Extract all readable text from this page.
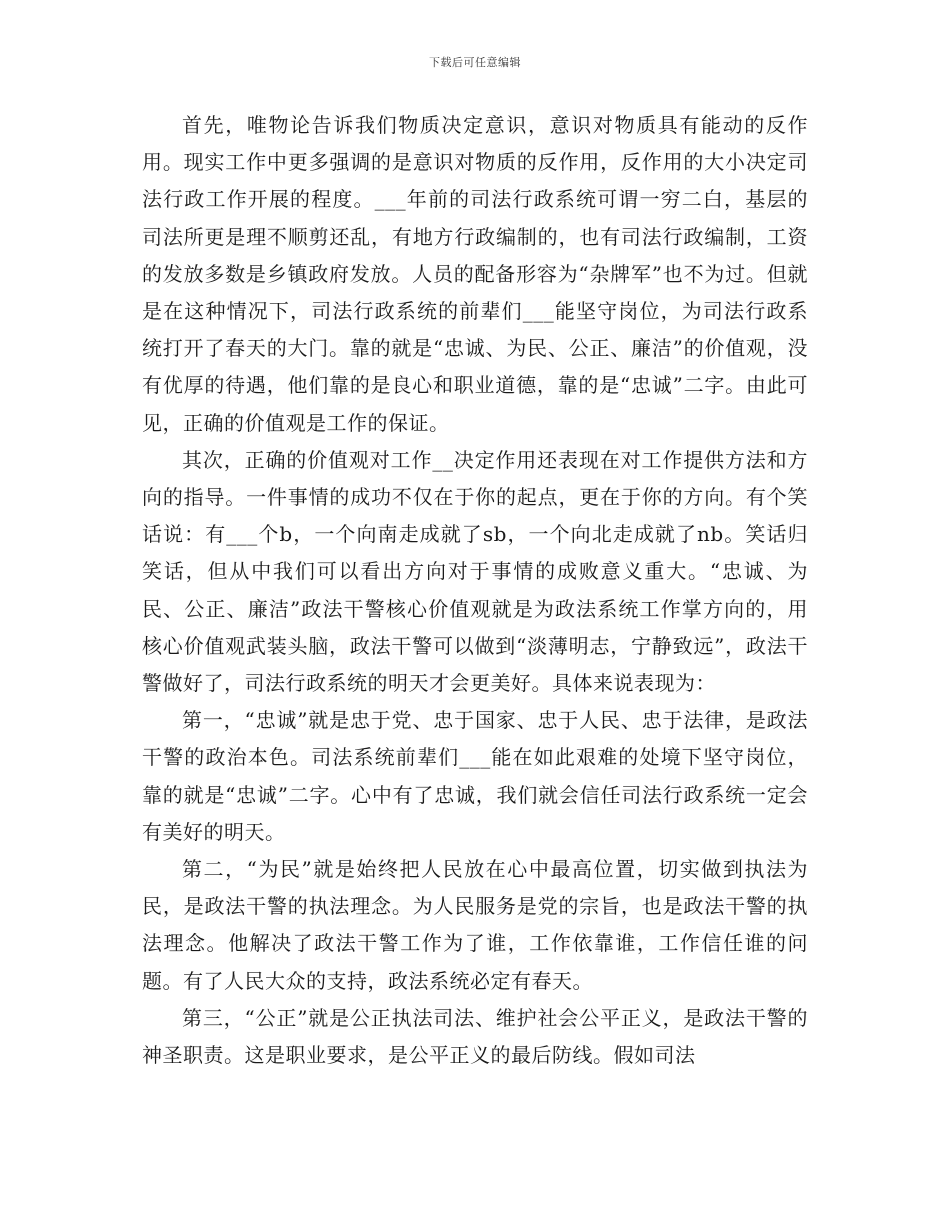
下载后可任意编辑

首先，唯物论告诉我们物质决定意识，意识对物质具有能动的反作用。现实工作中更多强调的是意识对物质的反作用，反作用的大小决定司法行政工作开展的程度。___年前的司法行政系统可谓一穷二白，基层的司法所更是理不顺剪还乱，有地方行政编制的，也有司法行政编制，工资的发放多数是乡镇政府发放。人员的配备形容为“杂牌军”也不为过。但就是在这种情况下，司法行政系统的前辈们___能坚守岗位，为司法行政系统打开了春天的大门。靠的就是“忠诚、为民、公正、廉洁”的价值观，没有优厚的待遇，他们靠的是良心和职业道德，靠的是“忠诚”二字。由此可见，正确的价值观是工作的保证。

其次，正确的价值观对工作__决定作用还表现在对工作提供方法和方向的指导。一件事情的成功不仅在于你的起点，更在于你的方向。有个笑话说：有___个b，一个向南走成就了sb，一个向北走成就了nb。笑话归笑话，但从中我们可以看出方向对于事情的成败意义重大。“忠诚、为民、公正、廉洁”政法干警核心价值观就是为政法系统工作掌方向的，用核心价值观武装头脑，政法干警可以做到“淡薄明志，宁静致远”，政法干警做好了，司法行政系统的明天才会更美好。具体来说表现为：

第一，“忠诚”就是忠于党、忠于国家、忠于人民、忠于法律，是政法干警的政治本色。司法系统前辈们___能在如此艰难的处境下坚守岗位，靠的就是“忠诚”二字。心中有了忠诚，我们就会信任司法行政系统一定会有美好的明天。

第二，“为民”就是始终把人民放在心中最高位置，切实做到执法为民，是政法干警的执法理念。为人民服务是党的宗旨，也是政法干警的执法理念。他解决了政法干警工作为了谁，工作依靠谁，工作信任谁的问题。有了人民大众的支持，政法系统必定有春天。

第三，“公正”就是公正执法司法、维护社会公平正义，是政法干警的神圣职责。这是职业要求，是公平正义的最后防线。假如司法
